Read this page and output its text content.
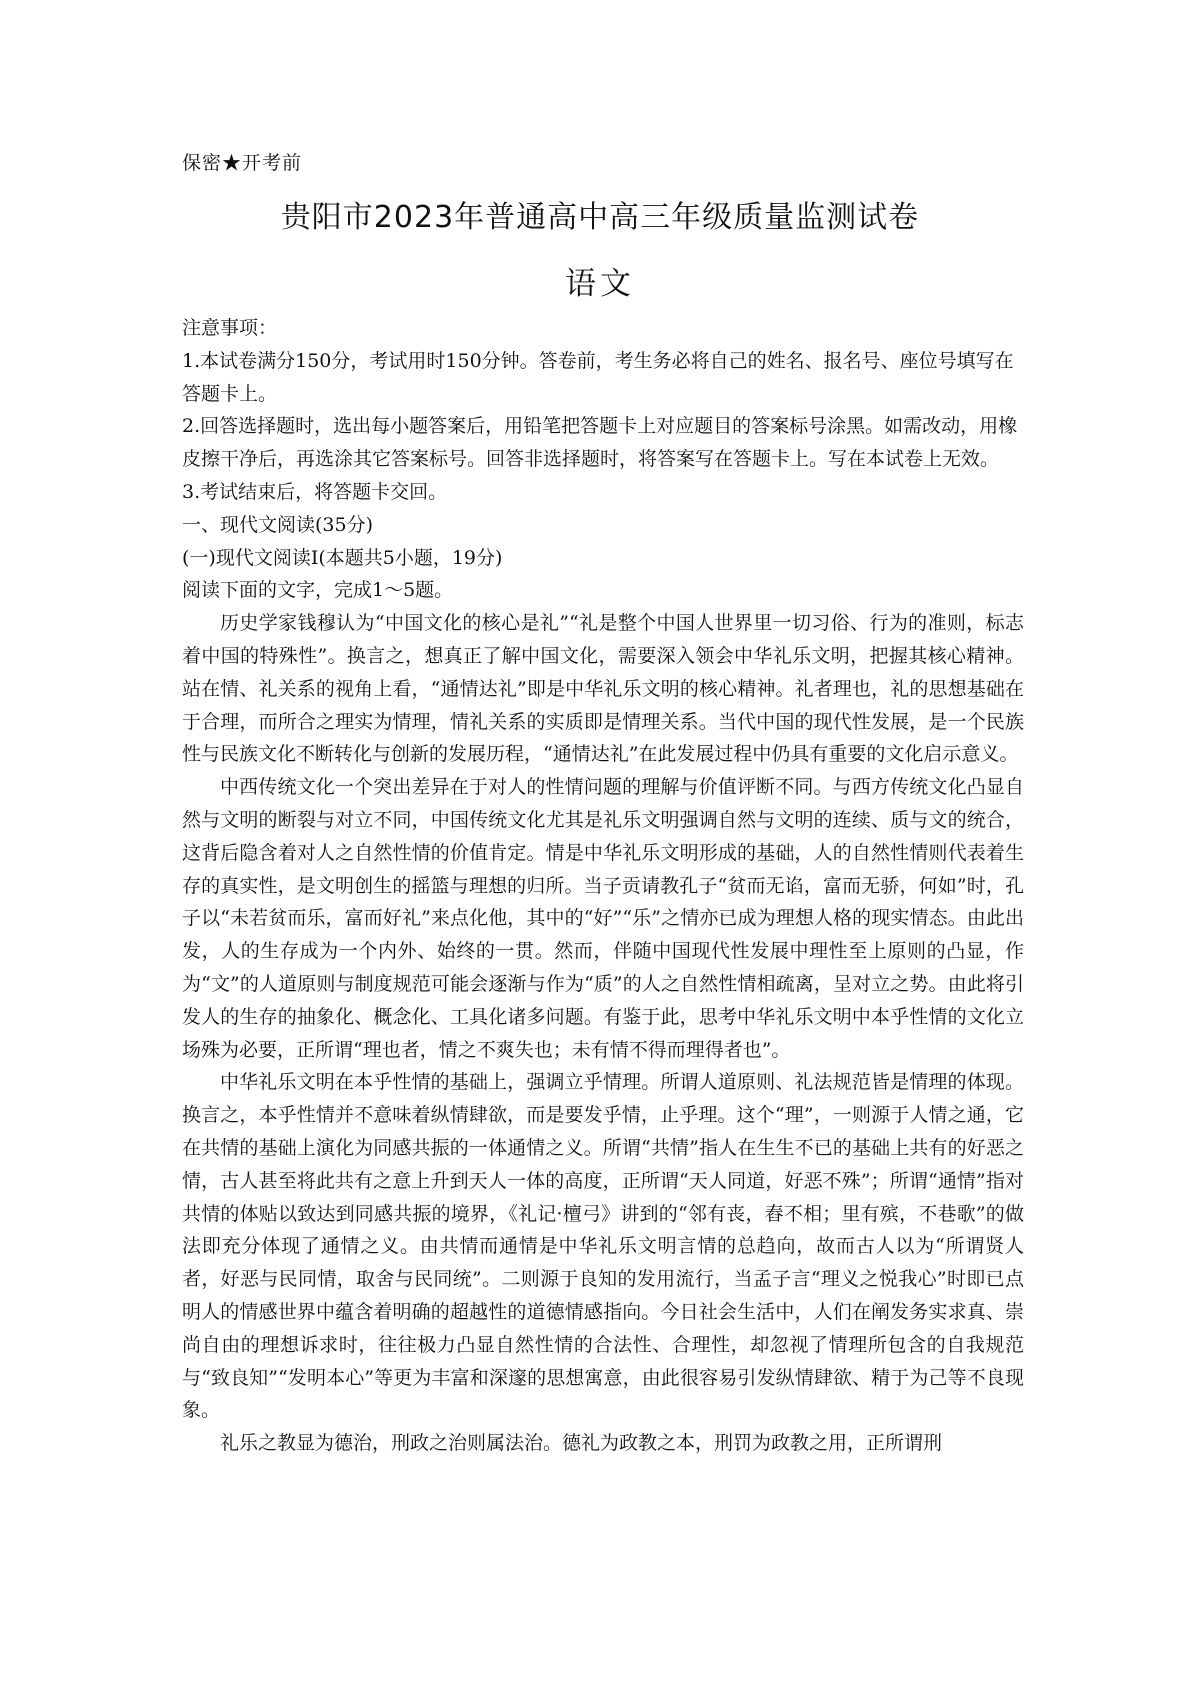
保密★开考前
贵阳市2023年普通高中高三年级质量监测试卷
语文

注意事项：

1.本试卷满分150分，考试用时150分钟。答卷前，考生务必将自己的姓名、报名号、座位号填写在答题卡上。

2.回答选择题时，选出每小题答案后，用铅笔把答题卡上对应题目的答案标号涂黑。如需改动，用橡皮擦干净后，再选涂其它答案标号。回答非选择题时，将答案写在答题卡上。写在本试卷上无效。

3.考试结束后，将答题卡交回。

一、现代文阅读(35分)

(一)现代文阅读I(本题共5小题，19分)

阅读下面的文字，完成1～5题。

历史学家钱穆认为“中国文化的核心是礼”“礼是整个中国人世界里一切习俗、行为的准则，标志着中国的特殊性”。换言之，想真正了解中国文化，需要深入领会中华礼乐文明，把握其核心精神。站在情、礼关系的视角上看，“通情达礼”即是中华礼乐文明的核心精神。礼者理也，礼的思想基础在于合理，而所合之理实为情理，情礼关系的实质即是情理关系。当代中国的现代性发展，是一个民族性与民族文化不断转化与创新的发展历程，“通情达礼”在此发展过程中仍具有重要的文化启示意义。

中西传统文化一个突出差异在于对人的性情问题的理解与价值评断不同。与西方传统文化凸显自然与文明的断裂与对立不同，中国传统文化尤其是礼乐文明强调自然与文明的连续、质与文的统合，这背后隐含着对人之自然性情的价值肯定。情是中华礼乐文明形成的基础，人的自然性情则代表着生存的真实性，是文明创生的摇篮与理想的归所。当子贡请教孔子“贫而无谄，富而无骄，何如”时，孔子以“未若贫而乐，富而好礼”来点化他，其中的“好”“乐”之情亦已成为理想人格的现实情态。由此出发，人的生存成为一个内外、始终的一贯。然而，伴随中国现代性发展中理性至上原则的凸显，作为“文”的人道原则与制度规范可能会逐渐与作为“质”的人之自然性情相疏离，呈对立之势。由此将引发人的生存的抽象化、概念化、工具化诸多问题。有鉴于此，思考中华礼乐文明中本乎性情的文化立场殊为必要，正所谓“理也者，情之不爽失也；未有情不得而理得者也”。

中华礼乐文明在本乎性情的基础上，强调立乎情理。所谓人道原则、礼法规范皆是情理的体现。换言之，本乎性情并不意味着纵情肆欲，而是要发乎情，止乎理。这个“理”，一则源于人情之通，它在共情的基础上演化为同感共振的一体通情之义。所谓“共情”指人在生生不已的基础上共有的好恶之情，古人甚至将此共有之意上升到天人一体的高度，正所谓“天人同道，好恶不殊”；所谓“通情”指对共情的体贴以致达到同感共振的境界，《礼记·檀弓》讲到的“邻有丧，舂不相；里有殡，不巷歌”的做法即充分体现了通情之义。由共情而通情是中华礼乐文明言情的总趋向，故而古人以为“所谓贤人者，好恶与民同情，取舍与民同统”。二则源于良知的发用流行，当孟子言“理义之悦我心”时即已点明人的情感世界中蕴含着明确的超越性的道德情感指向。今日社会生活中，人们在阐发务实求真、崇尚自由的理想诉求时，往往极力凸显自然性情的合法性、合理性，却忽视了情理所包含的自我规范与“致良知”“发明本心”等更为丰富和深邃的思想寓意，由此很容易引发纵情肆欲、精于为己等不良现象。

礼乐之教显为德治，刑政之治则属法治。德礼为政教之本，刑罚为政教之用，正所谓刑
